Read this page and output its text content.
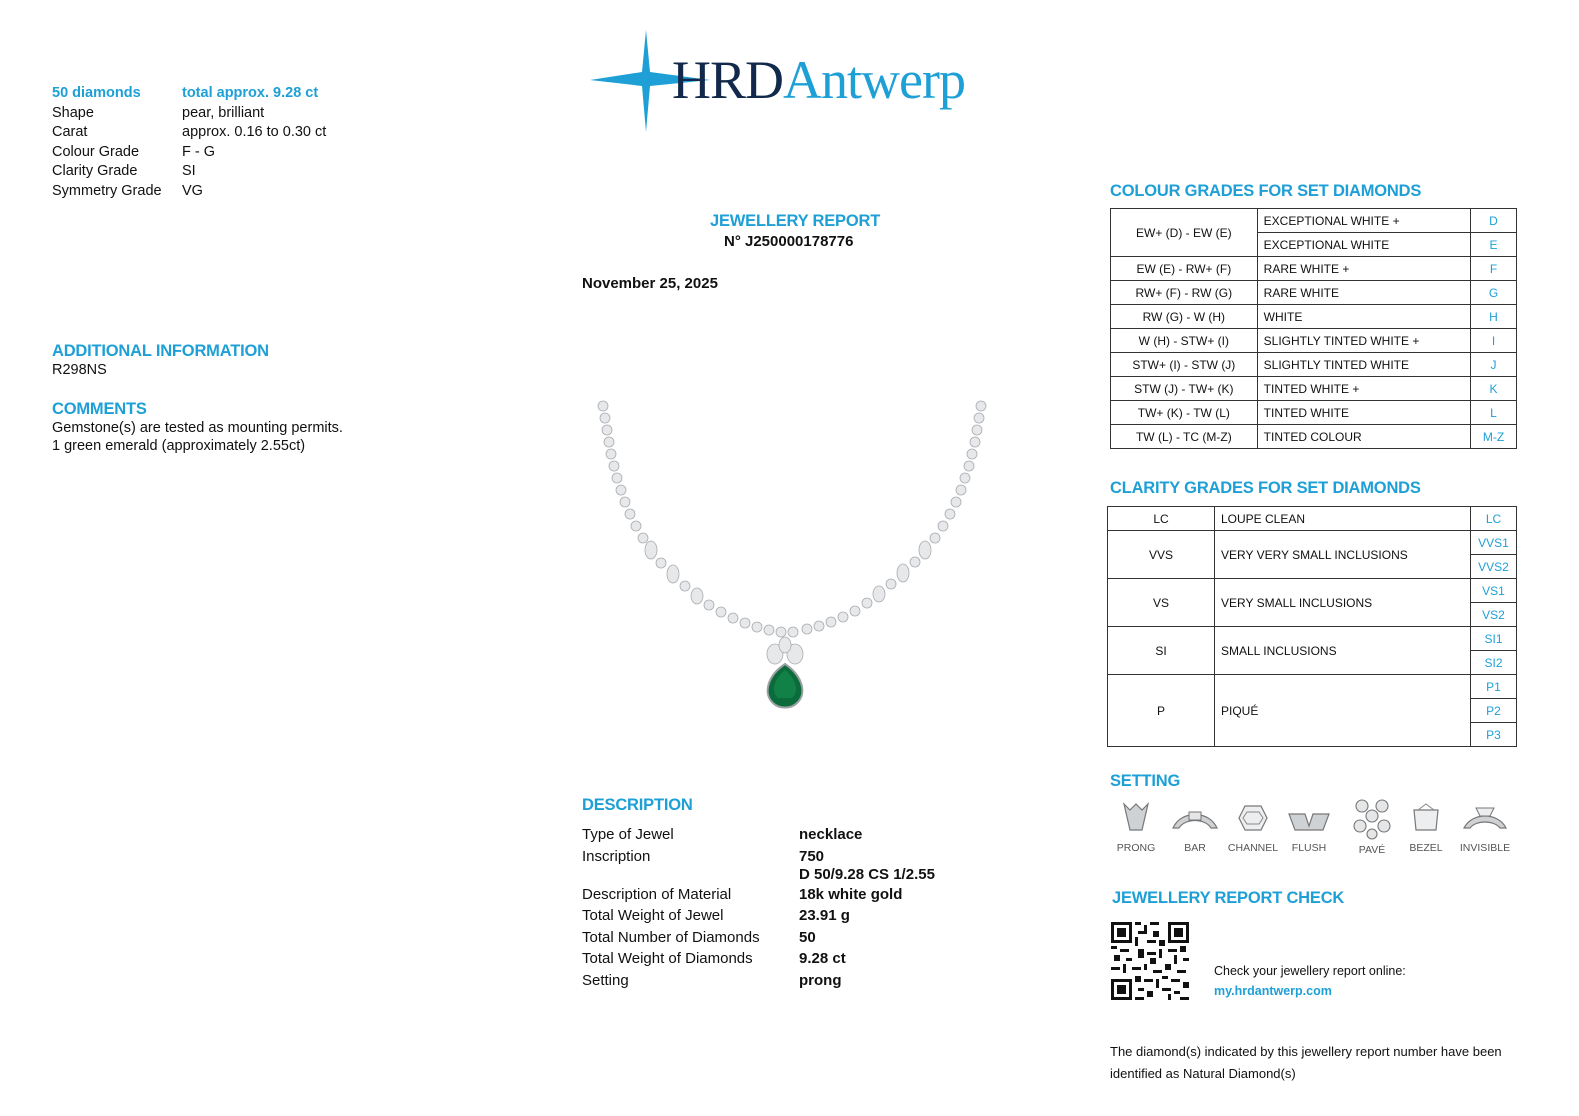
HRDAntwerp
50 diamonds	total approx. 9.28 ct
Shape	pear, brilliant
Carat	approx. 0.16 to 0.30 ct
Colour Grade	F - G
Clarity Grade	SI
Symmetry Grade VG
ADDITIONAL INFORMATION
R298NS
COMMENTS
Gemstone(s) are tested as mounting permits.
1 green emerald (approximately 2.55ct)
JEWELLERY REPORT
N° J250000178776
November 25, 2025
DESCRIPTION
Type of Jewel	necklace
Inscription	750
D 50/9.28 CS 1/2.55
Description of Material	18k white gold
Total Weight of Jewel	23.91 g
Total Number of Diamonds	50
Total Weight of Diamonds	9.28 ct
Setting	prong
COLOUR GRADES FOR SET DIAMONDS
EW+ (D) - EW (E)	EXCEPTIONAL WHITE +	D
	EXCEPTIONAL WHITE	E
EW (E) - RW+ (F)	RARE WHITE +	F
RW+ (F) - RW (G)	RARE WHITE	G
RW (G) - W (H)	WHITE	H
W (H) - STW+ (I)	SLIGHTLY TINTED WHITE +	I
STW+ (I) - STW (J)	SLIGHTLY TINTED WHITE	J
STW (J) - TW+ (K)	TINTED WHITE +	K
TW+ (K) - TW (L)	TINTED WHITE	L
TW (L) - TC (M-Z)	TINTED COLOUR	M-Z
CLARITY GRADES FOR SET DIAMONDS
LC	LOUPE CLEAN	LC
VVS	VERY VERY SMALL INCLUSIONS	VVS1
		VVS2
VS	VERY SMALL INCLUSIONS	VS1
		VS2
SI	SMALL INCLUSIONS	SI1
		SI2
P	PIQUÉ	P1
		P2
		P3
SETTING
PRONG	BAR	CHANNEL	FLUSH	PAVÉ	BEZEL	INVISIBLE
JEWELLERY REPORT CHECK
Check your jewellery report online:
my.hrdantwerp.com
The diamond(s) indicated by this jewellery report number have been
identified as Natural Diamond(s)
